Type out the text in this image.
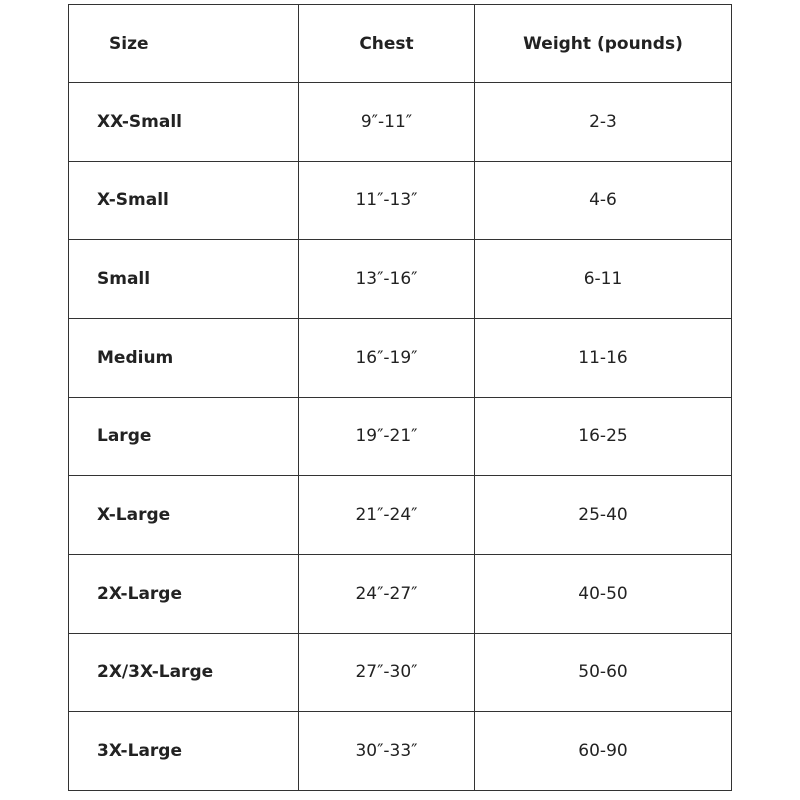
Size	Chest	Weight (pounds)
XX-Small	9″-11″	2-3
X-Small	11″-13″	4-6
Small	13″-16″	6-11
Medium	16″-19″	11-16
Large	19″-21″	16-25
X-Large	21″-24″	25-40
2X-Large	24″-27″	40-50
2X/3X-Large	27″-30″	50-60
3X-Large	30″-33″	60-90
